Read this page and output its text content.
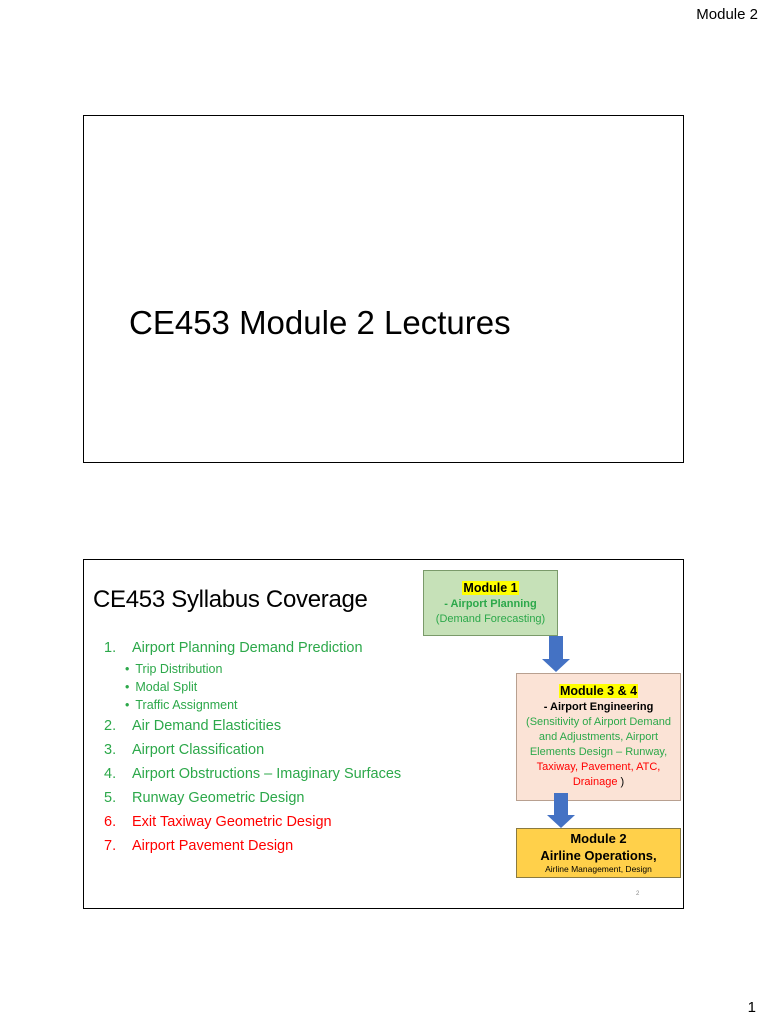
Module 2
CE453 Module 2 Lectures
CE453 Syllabus Coverage
1. Airport Planning Demand Prediction
• Trip Distribution
• Modal Split
• Traffic Assignment
2. Air Demand Elasticities
3. Airport Classification
4. Airport Obstructions – Imaginary Surfaces
5. Runway Geometric Design
6. Exit Taxiway Geometric Design
7. Airport Pavement Design
Module 1
- Airport Planning
(Demand Forecasting)
Module 3 & 4
- Airport Engineering
(Sensitivity of Airport Demand and Adjustments, Airport Elements Design – Runway, Taxiway, Pavement, ATC, Drainage )
Module 2
Airline Operations,
Airline Management, Design
2
1
